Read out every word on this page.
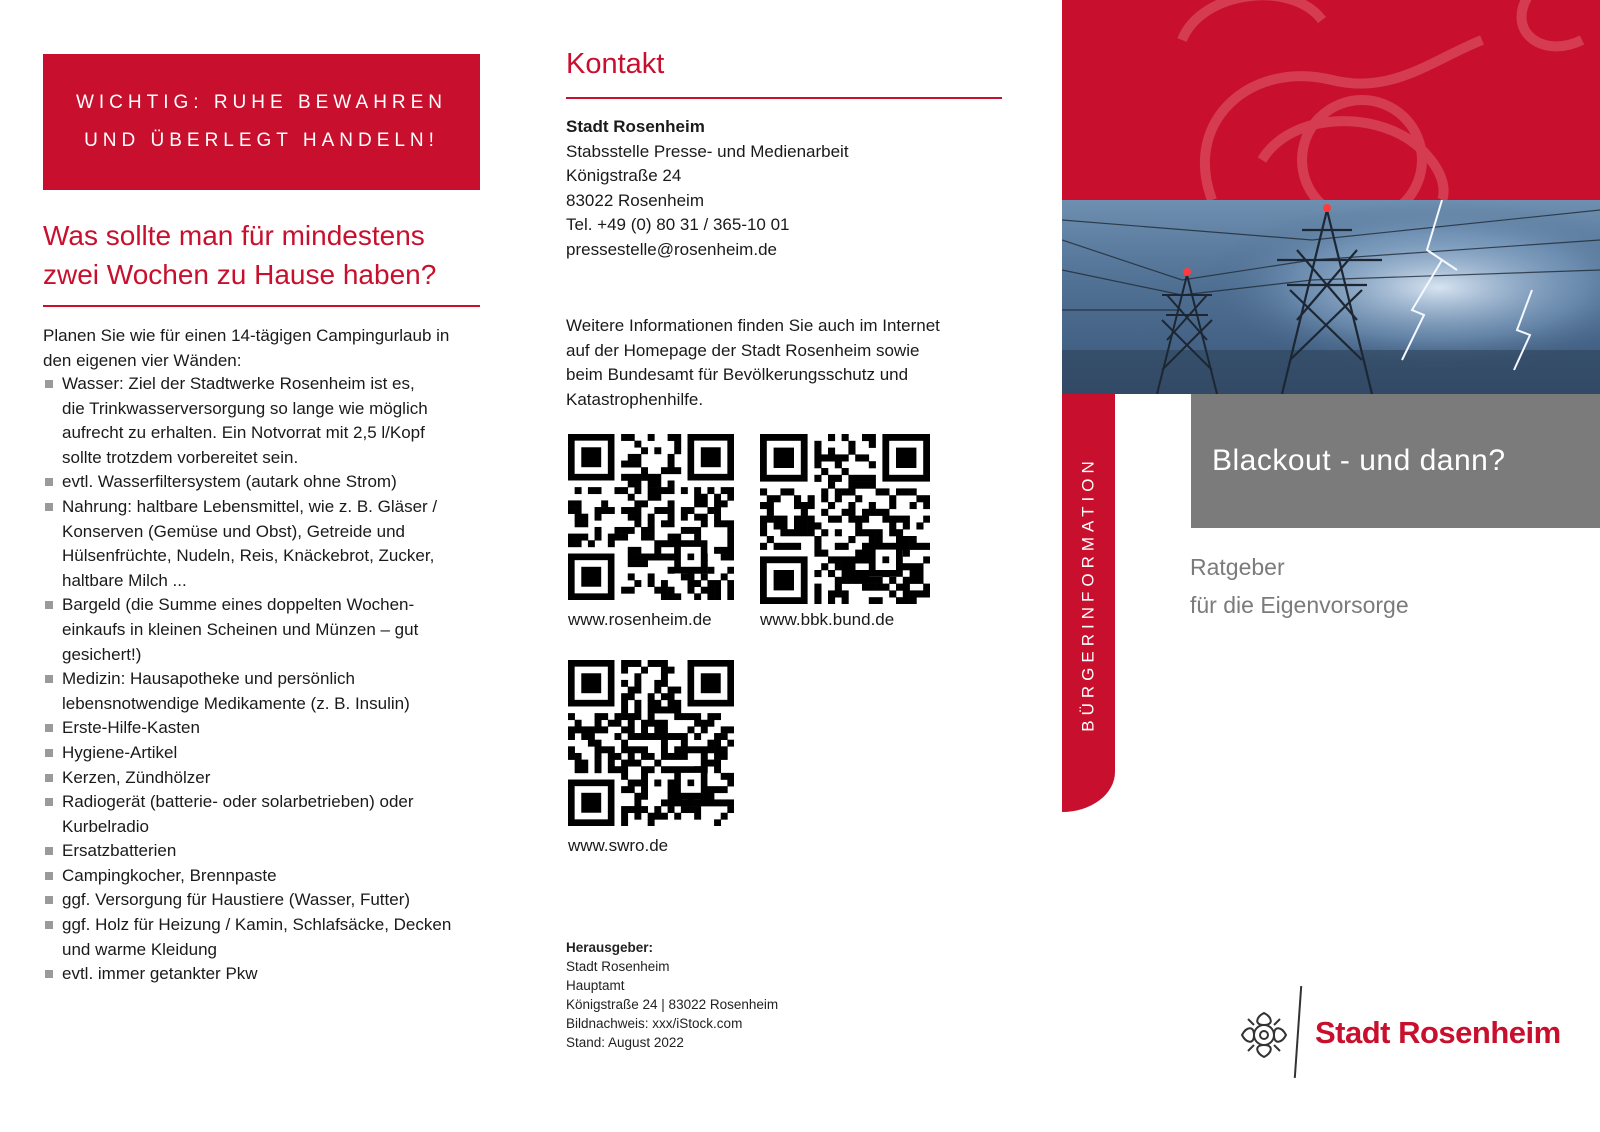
WICHTIG: RUHE BEWAHREN
UND ÜBERLEGT HANDELN!
Was sollte man für mindestens
zwei Wochen zu Hause haben?
Planen Sie wie für einen 14-tägigen Campingurlaub in
den eigenen vier Wänden:
Wasser: Ziel der Stadtwerke Rosenheim ist es,
die Trinkwasserversorgung so lange wie möglich
aufrecht zu erhalten. Ein Notvorrat mit 2,5 l/Kopf
sollte trotzdem vorbereitet sein.
evtl. Wasserfiltersystem (autark ohne Strom)
Nahrung: haltbare Lebensmittel, wie z. B. Gläser /
Konserven (Gemüse und Obst), Getreide und
Hülsenfrüchte, Nudeln, Reis, Knäckebrot, Zucker,
haltbare Milch ...
Bargeld (die Summe eines doppelten Wochen-
einkaufs in kleinen Scheinen und Münzen – gut
gesichert!)
Medizin: Hausapotheke und persönlich
lebensnotwendige Medikamente (z. B. Insulin)
Erste-Hilfe-Kasten
Hygiene-Artikel
Kerzen, Zündhölzer
Radiogerät (batterie- oder solarbetrieben) oder
Kurbelradio
Ersatzbatterien
Campingkocher, Brennpaste
ggf. Versorgung für Haustiere (Wasser, Futter)
ggf. Holz für Heizung / Kamin, Schlafsäcke, Decken
und warme Kleidung
evtl. immer getankter Pkw
Kontakt
Stadt Rosenheim
Stabsstelle Presse- und Medienarbeit
Königstraße 24
83022 Rosenheim
Tel. +49 (0) 80 31 / 365-10 01
pressestelle@rosenheim.de
Weitere Informationen finden Sie auch im Internet
auf der Homepage der Stadt Rosenheim sowie
beim Bundesamt für Bevölkerungsschutz und
Katastrophenhilfe.
www.rosenheim.de	www.bbk.bund.de
www.swro.de
Herausgeber:
Stadt Rosenheim
Hauptamt
Königstraße 24 | 83022 Rosenheim
Bildnachweis: xxx/iStock.com
Stand: August 2022
BÜRGERINFORMATION	Blackout - und dann?
Ratgeber
für die Eigenvorsorge
Stadt Rosenheim
